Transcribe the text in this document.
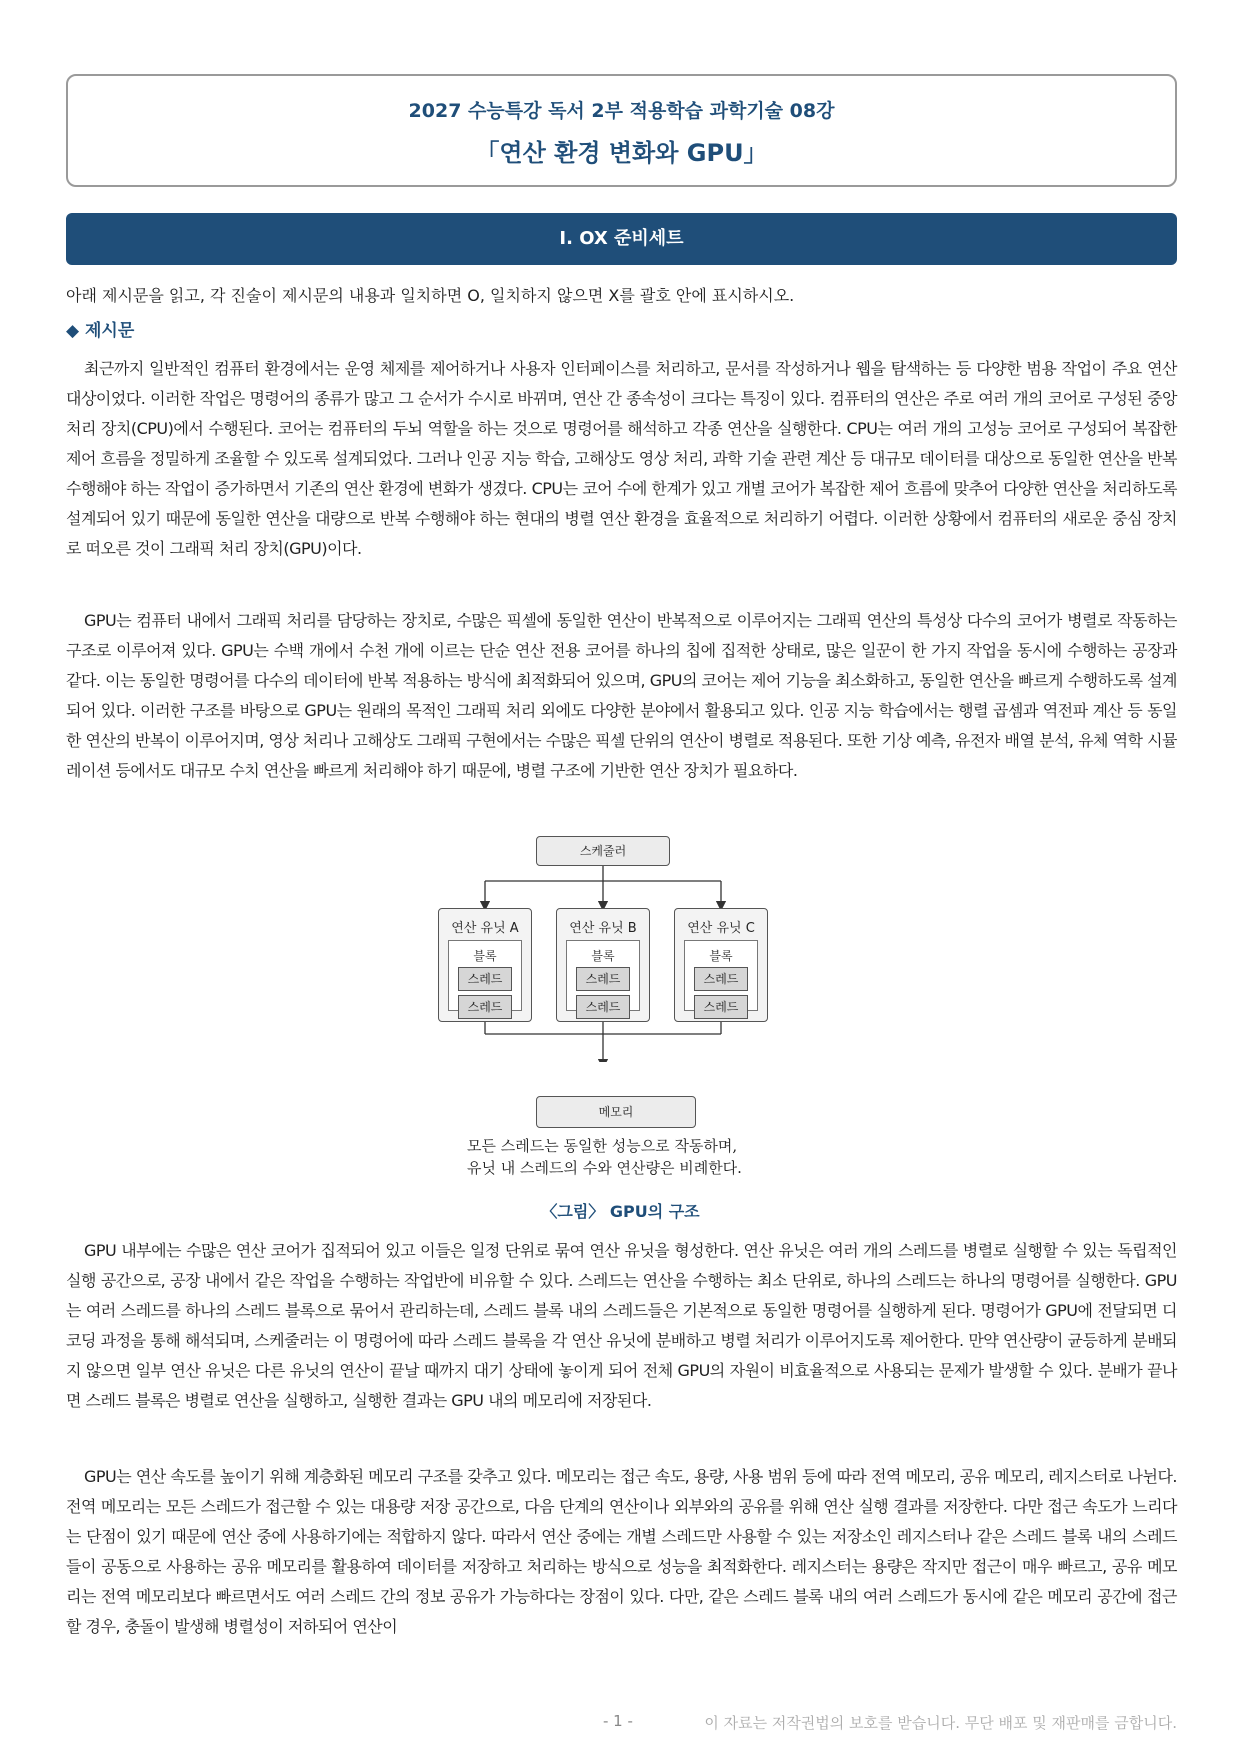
2027 수능특강 독서 2부 적용학습 과학기술 08강
「연산 환경 변화와 GPU」
Ⅰ. OX 준비세트
아래 제시문을 읽고, 각 진술이 제시문의 내용과 일치하면 O, 일치하지 않으면 X를 괄호 안에 표시하시오.
◆ 제시문

최근까지 일반적인 컴퓨터 환경에서는 운영 체제를 제어하거나 사용자 인터페이스를 처리하고, 문서를 작성하거나 웹을 탐색하는 등 다양한 범용 작업이 주요 연산 대상이었다. 이러한 작업은 명령어의 종류가 많고 그 순서가 수시로 바뀌며, 연산 간 종속성이 크다는 특징이 있다. 컴퓨터의 연산은 주로 여러 개의 코어로 구성된 중앙 처리 장치(CPU)에서 수행된다. 코어는 컴퓨터의 두뇌 역할을 하는 것으로 명령어를 해석하고 각종 연산을 실행한다. CPU는 여러 개의 고성능 코어로 구성되어 복잡한 제어 흐름을 정밀하게 조율할 수 있도록 설계되었다. 그러나 인공 지능 학습, 고해상도 영상 처리, 과학 기술 관련 계산 등 대규모 데이터를 대상으로 동일한 연산을 반복 수행해야 하는 작업이 증가하면서 기존의 연산 환경에 변화가 생겼다. CPU는 코어 수에 한계가 있고 개별 코어가 복잡한 제어 흐름에 맞추어 다양한 연산을 처리하도록 설계되어 있기 때문에 동일한 연산을 대량으로 반복 수행해야 하는 현대의 병렬 연산 환경을 효율적으로 처리하기 어렵다. 이러한 상황에서 컴퓨터의 새로운 중심 장치로 떠오른 것이 그래픽 처리 장치(GPU)이다.

GPU는 컴퓨터 내에서 그래픽 처리를 담당하는 장치로, 수많은 픽셀에 동일한 연산이 반복적으로 이루어지는 그래픽 연산의 특성상 다수의 코어가 병렬로 작동하는 구조로 이루어져 있다. GPU는 수백 개에서 수천 개에 이르는 단순 연산 전용 코어를 하나의 칩에 집적한 상태로, 많은 일꾼이 한 가지 작업을 동시에 수행하는 공장과 같다. 이는 동일한 명령어를 다수의 데이터에 반복 적용하는 방식에 최적화되어 있으며, GPU의 코어는 제어 기능을 최소화하고, 동일한 연산을 빠르게 수행하도록 설계되어 있다. 이러한 구조를 바탕으로 GPU는 원래의 목적인 그래픽 처리 외에도 다양한 분야에서 활용되고 있다. 인공 지능 학습에서는 행렬 곱셈과 역전파 계산 등 동일한 연산의 반복이 이루어지며, 영상 처리나 고해상도 그래픽 구현에서는 수많은 픽셀 단위의 연산이 병렬로 적용된다. 또한 기상 예측, 유전자 배열 분석, 유체 역학 시뮬레이션 등에서도 대규모 수치 연산을 빠르게 처리해야 하기 때문에, 병렬 구조에 기반한 연산 장치가 필요하다.

스케줄러
연산 유닛 A
블록
스레드
스레드
연산 유닛 B
블록
스레드
스레드
연산 유닛 C
블록
스레드
스레드
메모리
모든 스레드는 동일한 성능으로 작동하며,
유닛 내 스레드의 수와 연산량은 비례한다.
〈그림〉 GPU의 구조

GPU 내부에는 수많은 연산 코어가 집적되어 있고 이들은 일정 단위로 묶여 연산 유닛을 형성한다. 연산 유닛은 여러 개의 스레드를 병렬로 실행할 수 있는 독립적인 실행 공간으로, 공장 내에서 같은 작업을 수행하는 작업반에 비유할 수 있다. 스레드는 연산을 수행하는 최소 단위로, 하나의 스레드는 하나의 명령어를 실행한다. GPU는 여러 스레드를 하나의 스레드 블록으로 묶어서 관리하는데, 스레드 블록 내의 스레드들은 기본적으로 동일한 명령어를 실행하게 된다. 명령어가 GPU에 전달되면 디코딩 과정을 통해 해석되며, 스케줄러는 이 명령어에 따라 스레드 블록을 각 연산 유닛에 분배하고 병렬 처리가 이루어지도록 제어한다. 만약 연산량이 균등하게 분배되지 않으면 일부 연산 유닛은 다른 유닛의 연산이 끝날 때까지 대기 상태에 놓이게 되어 전체 GPU의 자원이 비효율적으로 사용되는 문제가 발생할 수 있다. 분배가 끝나면 스레드 블록은 병렬로 연산을 실행하고, 실행한 결과는 GPU 내의 메모리에 저장된다.

GPU는 연산 속도를 높이기 위해 계층화된 메모리 구조를 갖추고 있다. 메모리는 접근 속도, 용량, 사용 범위 등에 따라 전역 메모리, 공유 메모리, 레지스터로 나뉜다. 전역 메모리는 모든 스레드가 접근할 수 있는 대용량 저장 공간으로, 다음 단계의 연산이나 외부와의 공유를 위해 연산 실행 결과를 저장한다. 다만 접근 속도가 느리다는 단점이 있기 때문에 연산 중에 사용하기에는 적합하지 않다. 따라서 연산 중에는 개별 스레드만 사용할 수 있는 저장소인 레지스터나 같은 스레드 블록 내의 스레드들이 공동으로 사용하는 공유 메모리를 활용하여 데이터를 저장하고 처리하는 방식으로 성능을 최적화한다. 레지스터는 용량은 작지만 접근이 매우 빠르고, 공유 메모리는 전역 메모리보다 빠르면서도 여러 스레드 간의 정보 공유가 가능하다는 장점이 있다. 다만, 같은 스레드 블록 내의 여러 스레드가 동시에 같은 메모리 공간에 접근할 경우, 충돌이 발생해 병렬성이 저하되어 연산이

- 1 -	이 자료는 저작권법의 보호를 받습니다. 무단 배포 및 재판매를 금합니다.
